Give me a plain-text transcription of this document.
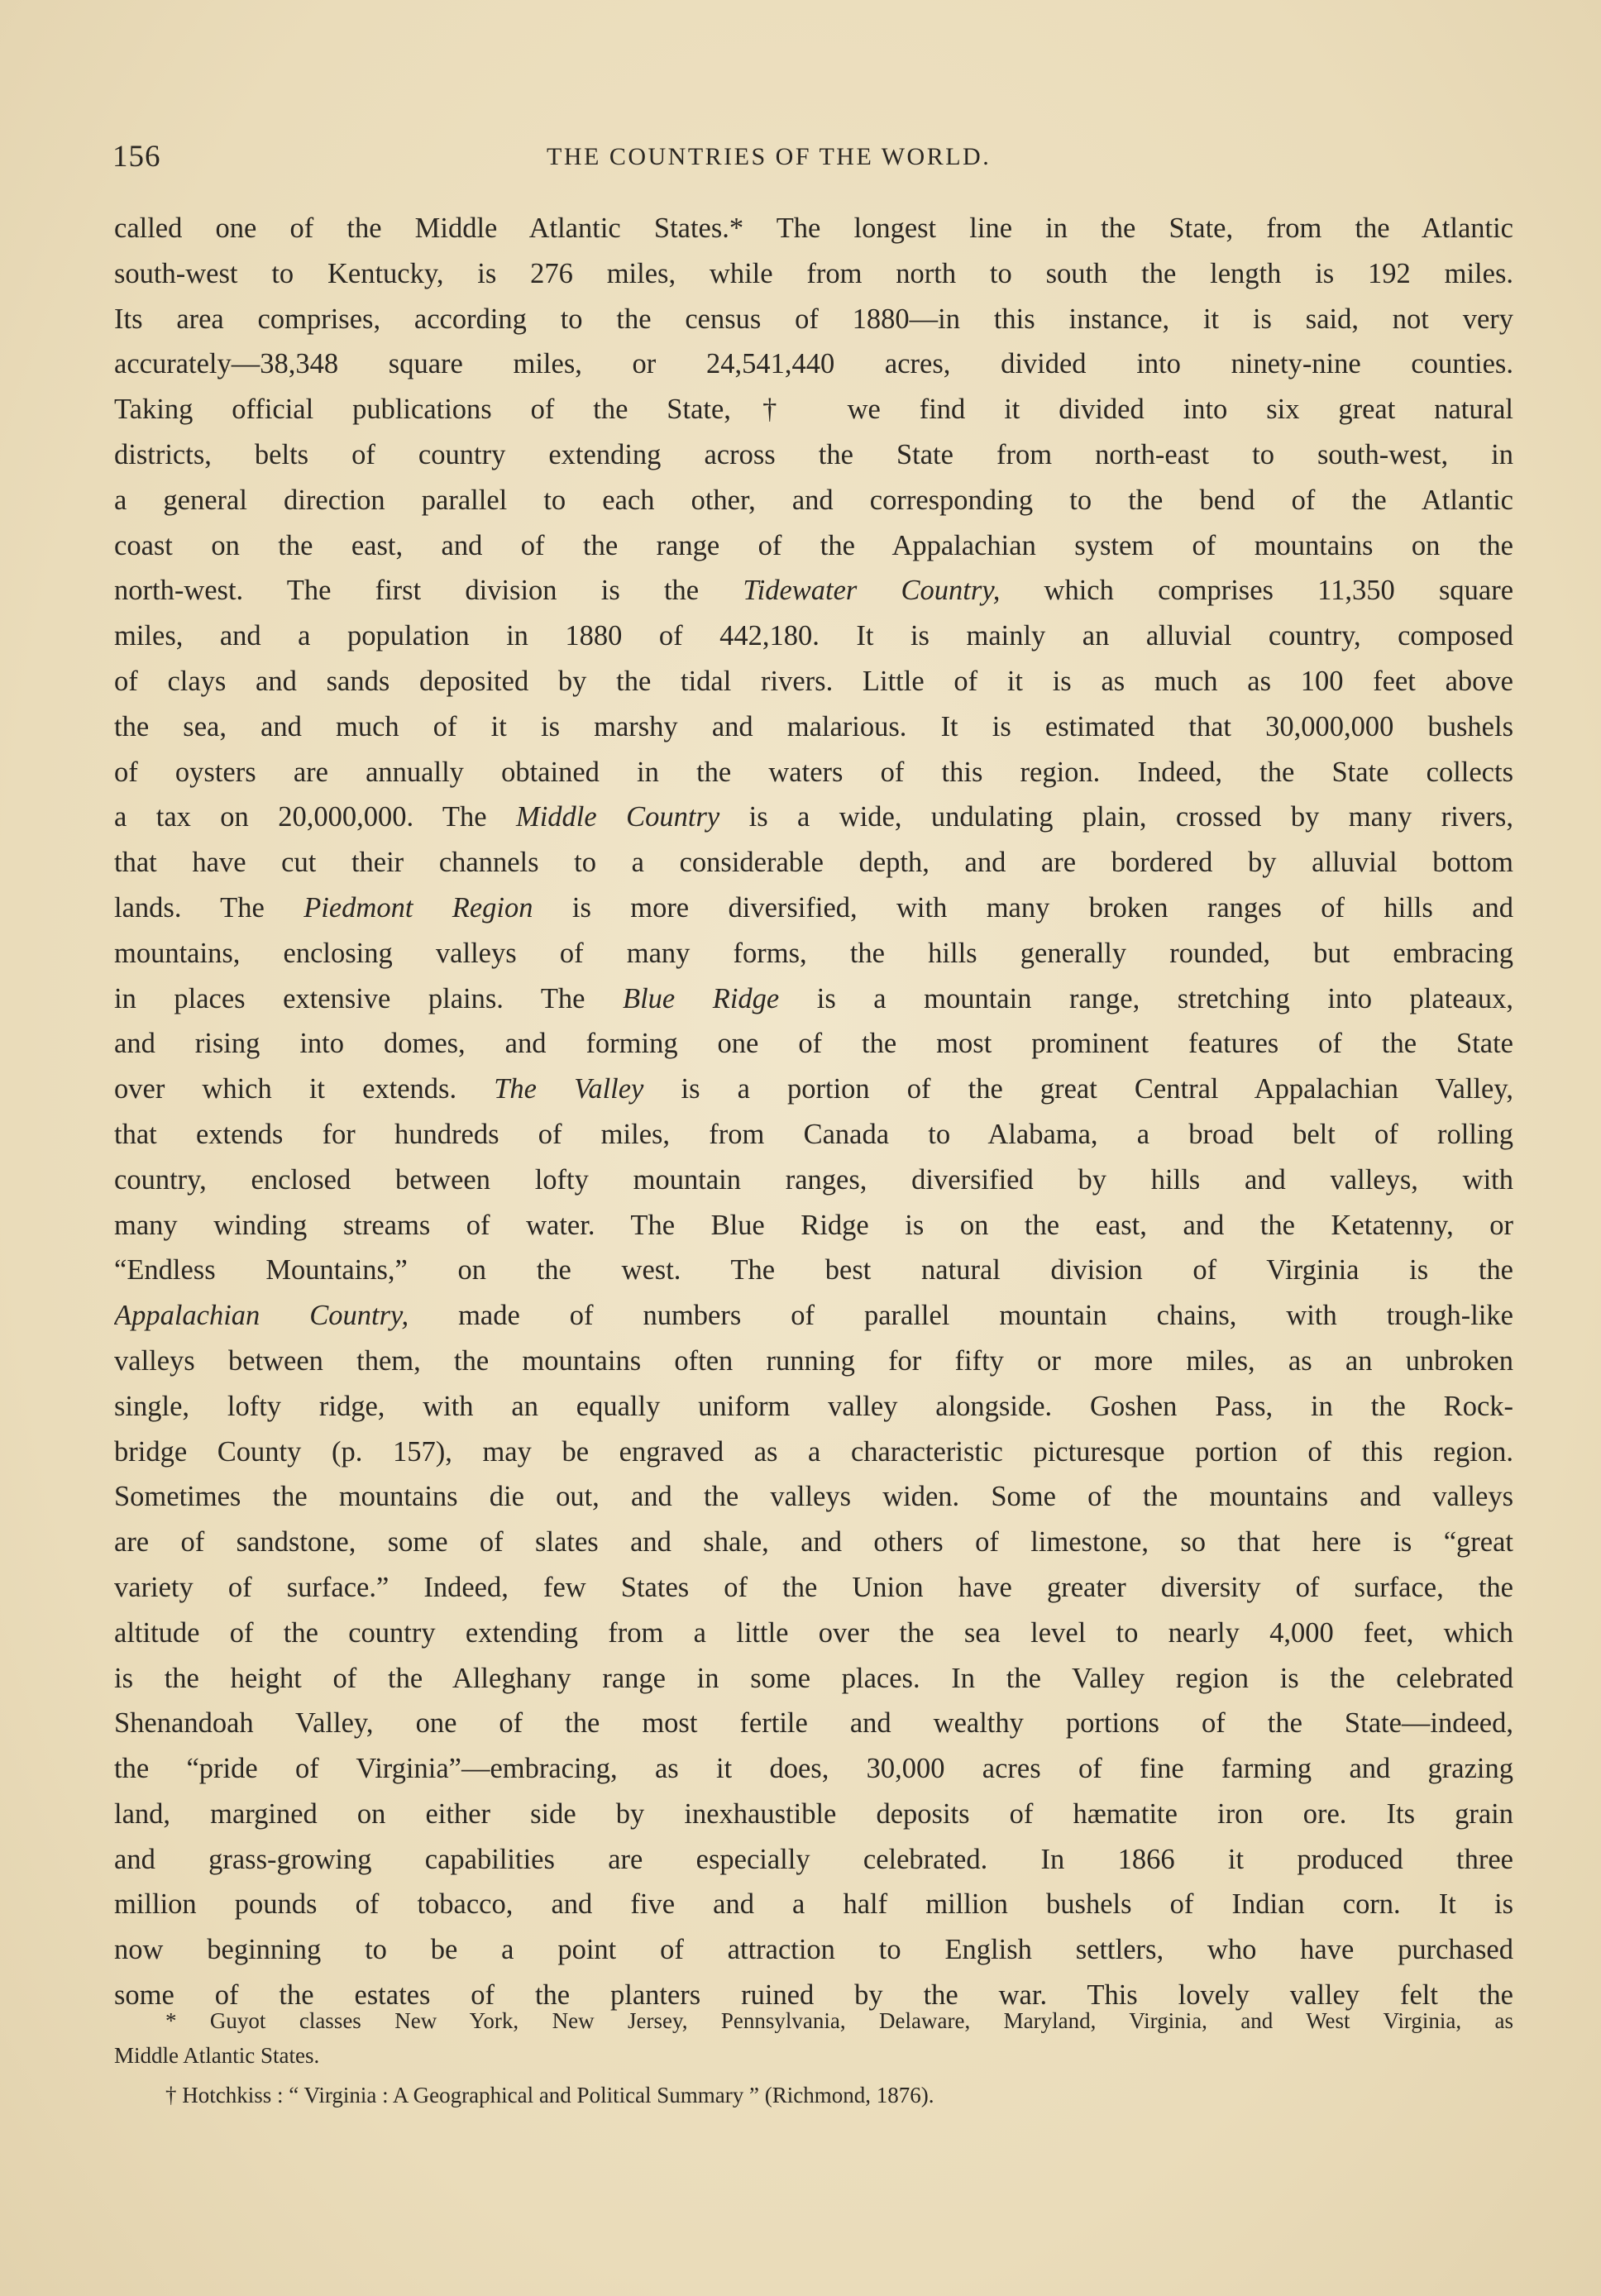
156	THE COUNTRIES OF THE WORLD.
called one of the Middle Atlantic States.* The longest line in the State, from the Atlantic
south-west to Kentucky, is 276 miles, while from north to south the length is 192 miles.
Its area comprises, according to the census of 1880—in this instance, it is said, not very
accurately—38,348 square miles, or 24,541,440 acres, divided into ninety-nine counties.
Taking official publications of the State,† we find it divided into six great natural
districts, belts of country extending across the State from north-east to south-west, in
a general direction parallel to each other, and corresponding to the bend of the Atlantic
coast on the east, and of the range of the Appalachian system of mountains on the
north-west. The first division is the Tidewater Country, which comprises 11,350 square
miles, and a population in 1880 of 442,180. It is mainly an alluvial country, composed
of clays and sands deposited by the tidal rivers. Little of it is as much as 100 feet above
the sea, and much of it is marshy and malarious. It is estimated that 30,000,000 bushels
of oysters are annually obtained in the waters of this region. Indeed, the State collects
a tax on 20,000,000. The Middle Country is a wide, undulating plain, crossed by many rivers,
that have cut their channels to a considerable depth, and are bordered by alluvial bottom
lands. The Piedmont Region is more diversified, with many broken ranges of hills and
mountains, enclosing valleys of many forms, the hills generally rounded, but embracing
in places extensive plains. The Blue Ridge is a mountain range, stretching into plateaux,
and rising into domes, and forming one of the most prominent features of the State
over which it extends. The Valley is a portion of the great Central Appalachian Valley,
that extends for hundreds of miles, from Canada to Alabama, a broad belt of rolling
country, enclosed between lofty mountain ranges, diversified by hills and valleys, with
many winding streams of water. The Blue Ridge is on the east, and the Ketatenny, or
“Endless Mountains,” on the west. The best natural division of Virginia is the
Appalachian Country, made of numbers of parallel mountain chains, with trough-like
valleys between them, the mountains often running for fifty or more miles, as an unbroken
single, lofty ridge, with an equally uniform valley alongside. Goshen Pass, in the Rock-
bridge County (p. 157), may be engraved as a characteristic picturesque portion of this region.
Sometimes the mountains die out, and the valleys widen. Some of the mountains and valleys
are of sandstone, some of slates and shale, and others of limestone, so that here is “great
variety of surface.” Indeed, few States of the Union have greater diversity of surface, the
altitude of the country extending from a little over the sea level to nearly 4,000 feet, which
is the height of the Alleghany range in some places. In the Valley region is the celebrated
Shenandoah Valley, one of the most fertile and wealthy portions of the State—indeed,
the “pride of Virginia”—embracing, as it does, 30,000 acres of fine farming and grazing
land, margined on either side by inexhaustible deposits of hæmatite iron ore. Its grain
and grass-growing capabilities are especially celebrated. In 1866 it produced three
million pounds of tobacco, and five and a half million bushels of Indian corn. It is
now beginning to be a point of attraction to English settlers, who have purchased
some of the estates of the planters ruined by the war. This lovely valley felt the
* Guyot classes New York, New Jersey, Pennsylvania, Delaware, Maryland, Virginia, and West Virginia, as
Middle Atlantic States.
† Hotchkiss : “ Virginia : A Geographical and Political Summary ” (Richmond, 1876).
